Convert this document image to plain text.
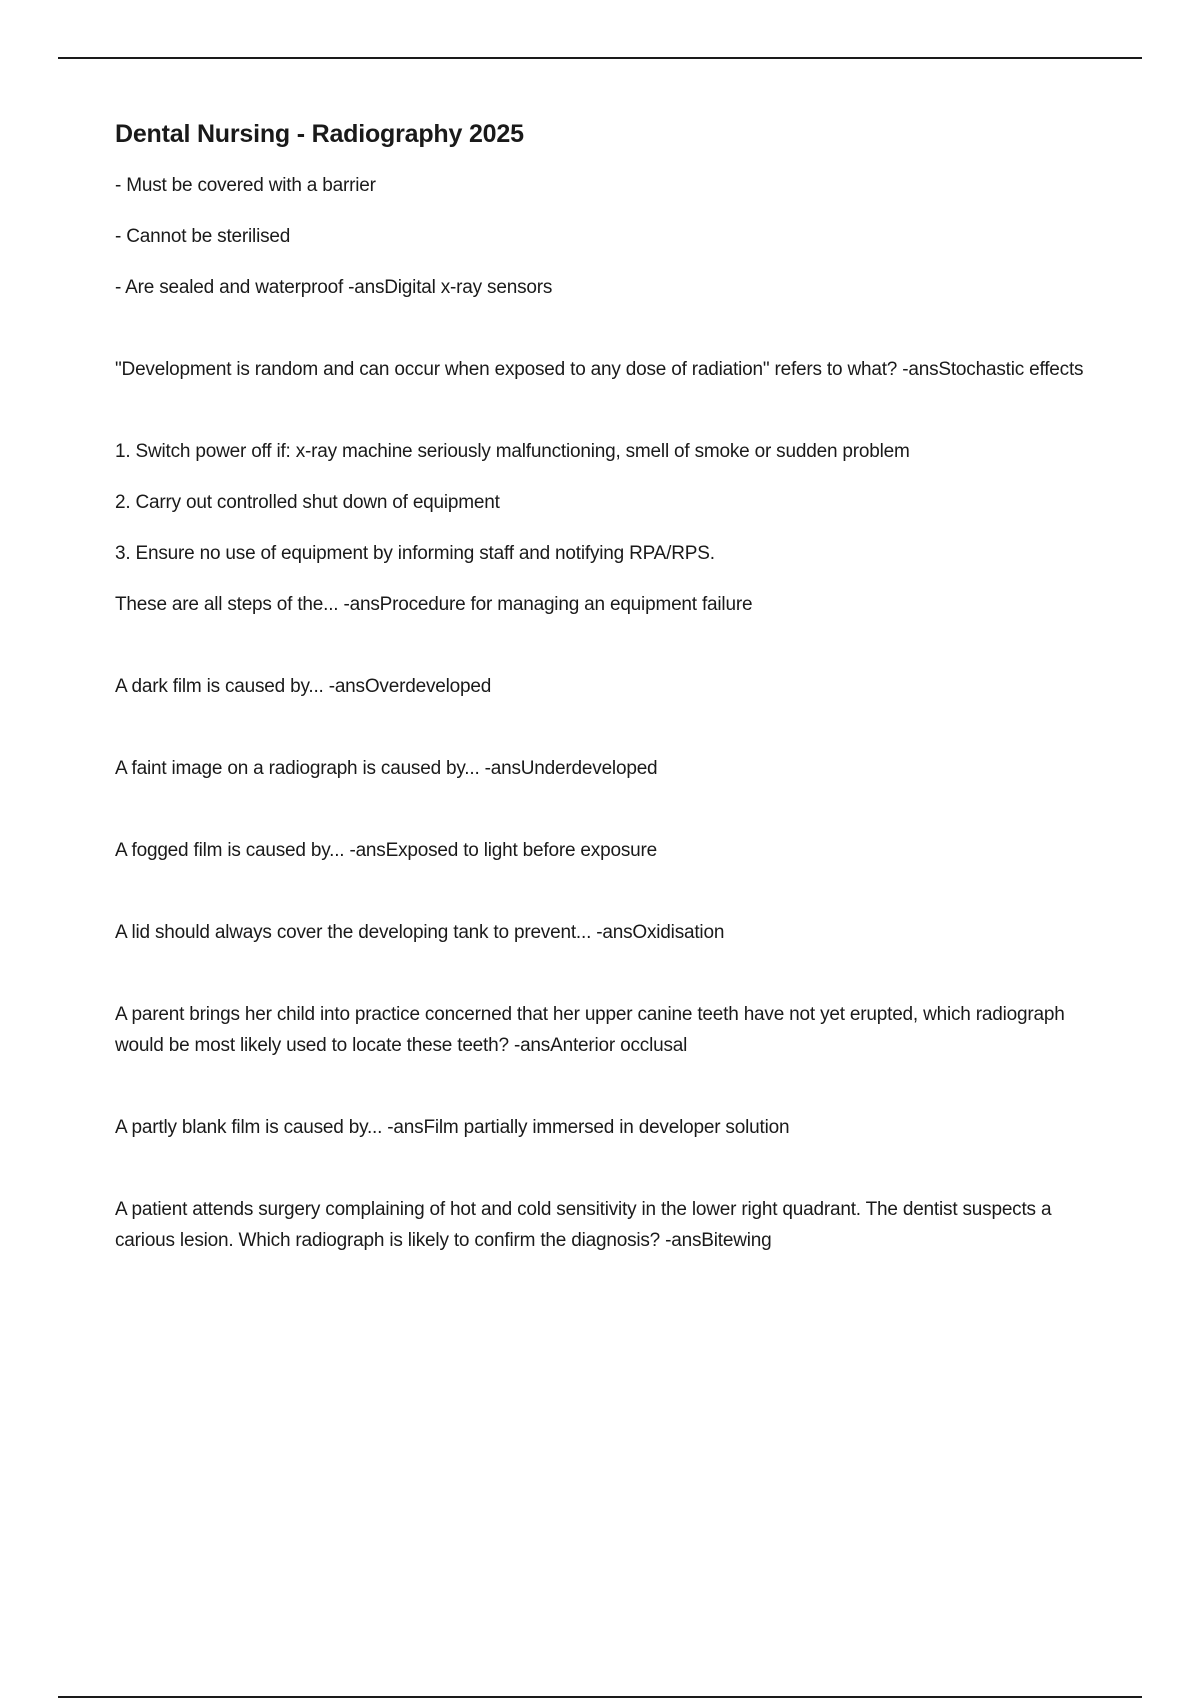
Dental Nursing - Radiography 2025

- Must be covered with a barrier

- Cannot be sterilised

- Are sealed and waterproof -ansDigital x-ray sensors

"Development is random and can occur when exposed to any dose of radiation" refers to what? -ansStochastic effects

1. Switch power off if: x-ray machine seriously malfunctioning, smell of smoke or sudden problem

2. Carry out controlled shut down of equipment

3. Ensure no use of equipment by informing staff and notifying RPA/RPS.

These are all steps of the... -ansProcedure for managing an equipment failure

A dark film is caused by... -ansOverdeveloped

A faint image on a radiograph is caused by... -ansUnderdeveloped

A fogged film is caused by... -ansExposed to light before exposure

A lid should always cover the developing tank to prevent... -ansOxidisation

A parent brings her child into practice concerned that her upper canine teeth have not yet erupted, which radiograph would be most likely used to locate these teeth? -ansAnterior occlusal

A partly blank film is caused by... -ansFilm partially immersed in developer solution

A patient attends surgery complaining of hot and cold sensitivity in the lower right quadrant. The dentist suspects a carious lesion. Which radiograph is likely to confirm the diagnosis? -ansBitewing
